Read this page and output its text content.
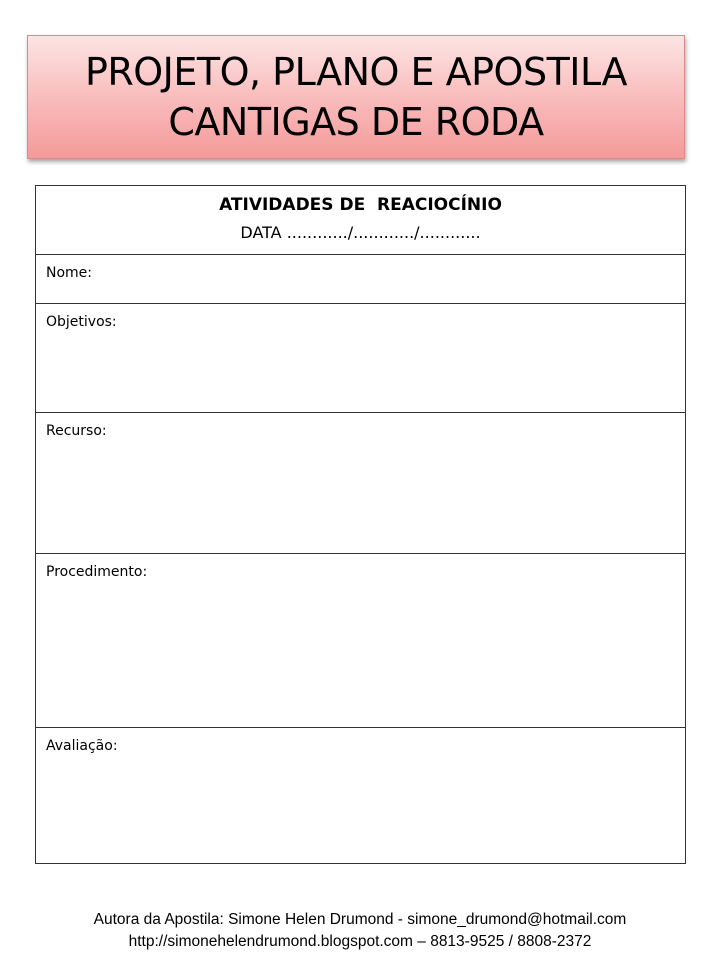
PROJETO, PLANO E APOSTILA
CANTIGAS DE RODA
ATIVIDADES DE  REACIOCÍNIO
DATA ............/............/............
Nome:
Objetivos:
Recurso:
Procedimento:
Avaliação:
Autora da Apostila: Simone Helen Drumond - simone_drumond@hotmail.com
http://simonehelendrumond.blogspot.com – 8813-9525 / 8808-2372
